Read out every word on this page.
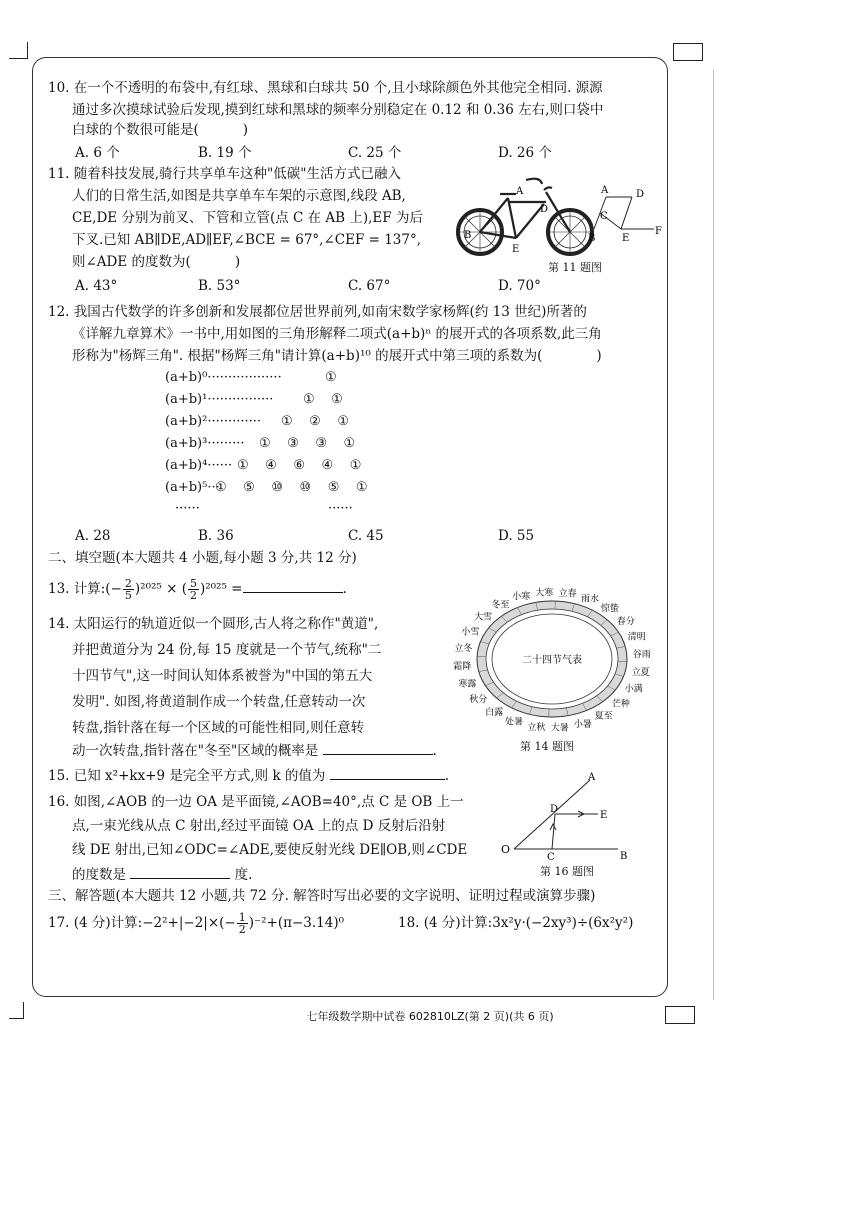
10. 在一个不透明的布袋中,有红球、黑球和白球共 50 个,且小球除颜色外其他完全相同. 源源
通过多次摸球试验后发现,摸到红球和黑球的频率分别稳定在 0.12 和 0.36 左右,则口袋中
白球的个数很可能是(	)
A. 6 个	B. 19 个	C. 25 个	D. 26 个
11. 随着科技发展,骑行共享单车这种"低碳"生活方式已融入
人们的日常生活,如图是共享单车车架的示意图,线段 AB,
CE,DE 分别为前叉、下管和立管(点 C 在 AB 上),EF 为后
下叉.已知 AB∥DE,AD∥EF,∠BCE = 67°,∠CEF = 137°,
则∠ADE 的度数为(	)
A. 43°	B. 53°	C. 67°	D. 70°
A
D
B
E
A	D
C
B	E
F
第 11 题图
12. 我国古代数学的许多创新和发展都位居世界前列,如南宋数学家杨辉(约 13 世纪)所著的
《详解九章算术》一书中,用如图的三角形解释二项式(a+b)ⁿ 的展开式的各项系数,此三角
形称为"杨辉三角". 根据"杨辉三角"请计算(a+b)¹⁰ 的展开式中第三项的系数为(	)
(a+b)⁰··················	①
(a+b)¹················ ①    ①
(a+b)²············· ①    ②    ①
(a+b)³········· ①    ③    ③    ①
(a+b)⁴······ ①    ④    ⑥    ④    ①
(a+b)⁵···
①    ⑤    ⑩    ⑩    ⑤    ①
······	······
A. 28	B. 36	C. 45	D. 55
二、填空题(本大题共 4 小题,每小题 3 分,共 12 分)
13. 计算:(− $\frac{2}{5} )^{2025}$ × ( $\frac{5}{2} )^{2025}$ =	.
14. 太阳运行的轨道近似一个圆形,古人将之称作"黄道",
并把黄道分为 24 份,每 15 度就是一个节气,统称"二
十四节气",这一时间认知体系被誉为"中国的第五大
发明". 如图,将黄道制作成一个转盘,任意转动一次
转盘,指针落在每一个区域的可能性相同,则任意转
动一次转盘,指针落在"冬至"区域的概率是	.
立春
雨水
惊蛰
春分
清明
谷雨
立夏
小满
芒种
夏至
小暑
大暑
立秋
处暑
白露
秋分
寒露
霜降
立冬
小雪
大雪
冬至
小寒 大寒
二十四节气表
第 14 题图
15. 已知 x²+kx+9 是完全平方式,则 k 的值为	.
16. 如图,∠AOB 的一边 OA 是平面镜,∠AOB=40°,点 C 是 OB 上一
点,一束光线从点 C 射出,经过平面镜 OA 上的点 D 反射后沿射
线 DE 射出,已知∠ODC=∠ADE,要使反射光线 DE∥OB,则∠CDE
的度数是	度.
O
A
B
C
D
E
第 16 题图
三、解答题(本大题共 12 小题,共 72 分. 解答时写出必要的文字说明、证明过程或演算步骤)
17. (4 分)计算:−2²+|−2|×(− $\frac{1}{2} )^{-2}+(\pi-3.14)^0$	18. (4 分)计算:3x²y·(−2xy³)÷(6x²y²)
七年级数学期中试卷 602810LZ(第 2 页)(共 6 页)
